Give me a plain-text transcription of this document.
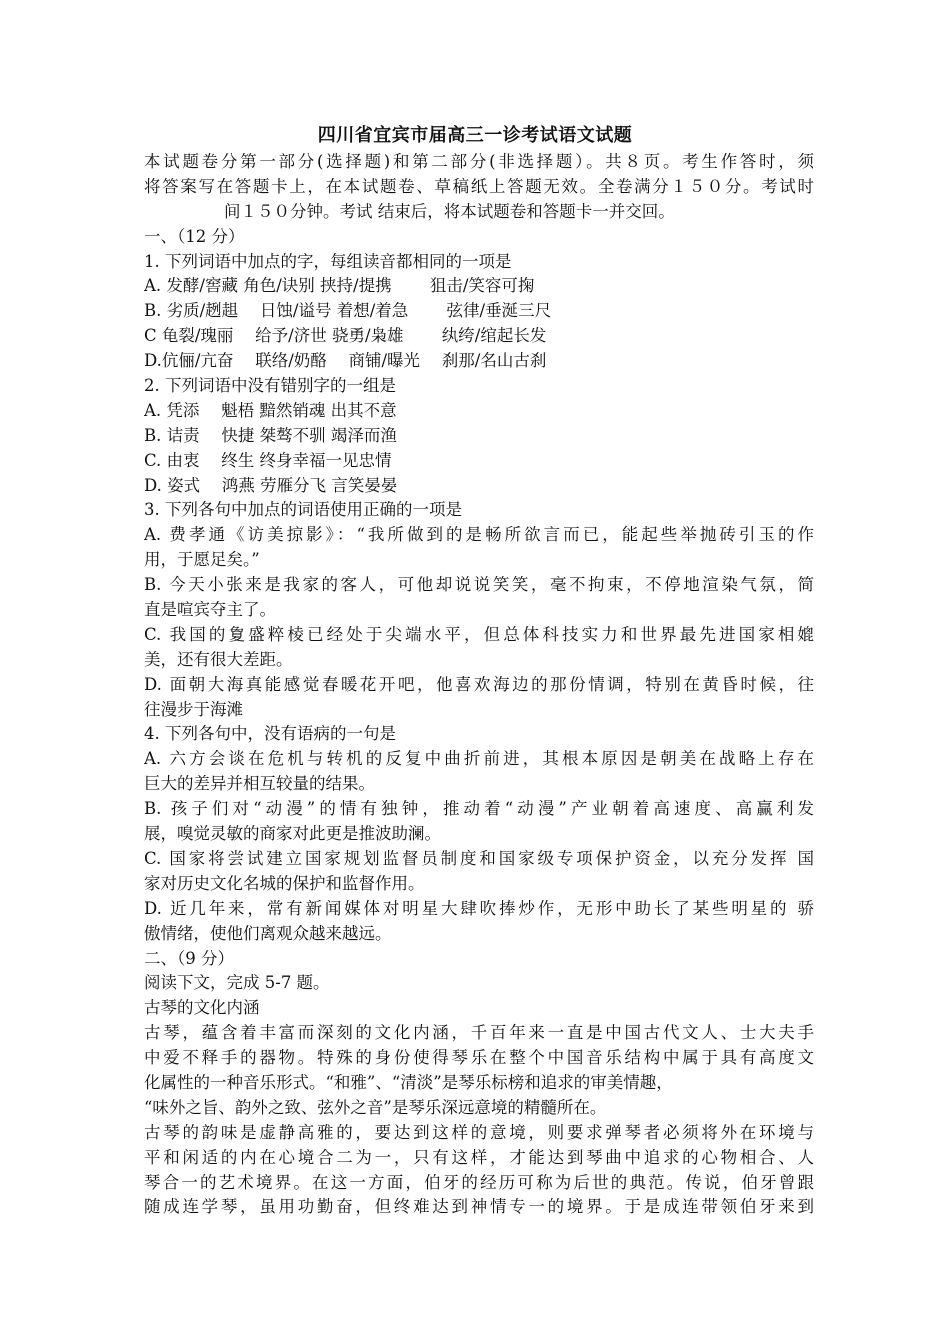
四川省宜宾市届高三一诊考试语文试题
本试题卷分第一部分(选择题)和第二部分(非选择题）。共８页。考生作答时，须
将答案写在答题卡上，在本试题卷、草稿纸上答题无效。全卷满分１５０分。考试时
间１５０分钟。考试 结束后，将本试题卷和答题卡一并交回。
一、（12 分）
1. 下列词语中加点的字，每组读音都相同的一项是
A. 发酵/窖藏 角色/诀别 挟持/提携　　 狙击/笑容可掬
B. 劣质/趔趄　 日蚀/谥号 着想/着急　　 弦律/垂涎三尺
C 龟裂/瑰丽　 给予/济世 骁勇/枭雄　　 纨绔/绾起长发
D.伉俪/亢奋　 联络/奶酪　 商铺/曝光　 刹那/名山古刹
2. 下列词语中没有错别字的一组是
A. 凭添　 魁梧 黯然销魂 出其不意
B. 诘责　 快捷 桀骜不驯 竭泽而渔
C. 由衷　 终生 终身幸福一见忠情
D. 姿式　 鸿燕 劳雁分飞 言笑晏晏
3. 下列各句中加点的词语使用正确的一项是
A. 费孝通《访美掠影》：“我所做到的是畅所欲言而已，能起些举抛砖引玉的作
用，于愿足矣。”
B. 今天小张来是我家的客人，可他却说说笑笑，毫不拘束，不停地渲染气氛，简
直是喧宾夺主了。
C. 我国的夐盛粹棱已经处于尖端水平，但总体科技实力和世界最先进国家相媲
美，还有很大差距。
D. 面朝大海真能感觉春暖花开吧，他喜欢海边的那份情调，特别在黄昏时候，往
往漫步于海滩
4. 下列各句中，没有语病的一句是
A. 六方会谈在危机与转机的反复中曲折前进，其根本原因是朝美在战略上存在
巨大的差异并相互较量的结果。
B. 孩子们对“动漫”的情有独钟，推动着“动漫”产业朝着高速度、高赢利发
展，嗅觉灵敏的商家对此更是推波助澜。
C. 国家将尝试建立国家规划监督员制度和国家级专项保护资金，以充分发挥 国
家对历史文化名城的保护和监督作用。
D. 近几年来，常有新闻媒体对明星大肆吹捧炒作，无形中助长了某些明星的 骄
傲情绪，使他们离观众越来越远。
二、（9 分）
阅读下文，完成 5-7 题。
古琴的文化内涵
古琴，蕴含着丰富而深刻的文化内涵，千百年来一直是中国古代文人、士大夫手
中爱不释手的器物。特殊的身份使得琴乐在整个中国音乐结构中属于具有高度文
化属性的一种音乐形式。“和雅”、“清淡”是琴乐标榜和追求的审美情趣，
“味外之旨、韵外之致、弦外之音”是琴乐深远意境的精髓所在。
古琴的韵味是虚静高雅的，要达到这样的意境，则要求弹琴者必须将外在环境与
平和闲适的内在心境合二为一，只有这样，才能达到琴曲中追求的心物相合、人
琴合一的艺术境界。在这一方面，伯牙的经历可称为后世的典范。传说，伯牙曾跟
随成连学琴，虽用功勤奋，但终难达到神情专一的境界。于是成连带领伯牙来到
